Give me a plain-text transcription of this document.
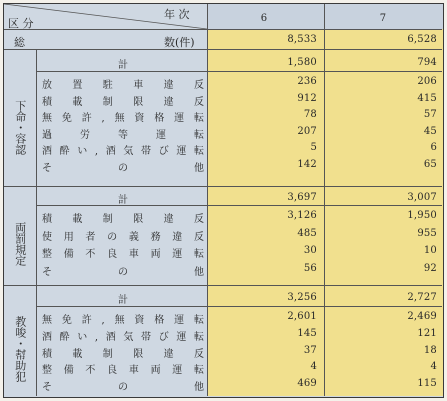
区 分
年 次	6	7
総	数(件)	8,533	6,528
下命・容認
計	1,580	794
放置駐車違反	236	206
積載制限違反	912	415
無免許,無資格運転	78	57
過労等運転	207	45
酒酔い,酒気帯び運転	5	6
その他	142	65
両罰規定
計	3,697	3,007
積載制限違反	3,126	1,950
使用者の義務違反	485	955
整備不良車両運転	30	10
その他	56	92
教唆・幇助犯
計	3,256	2,727
無免許,無資格運転	2,601	2,469
酒酔い,酒気帯び運転	145	121
積載制限違反	37	18
整備不良車両運転	4	4
その他	469	115
